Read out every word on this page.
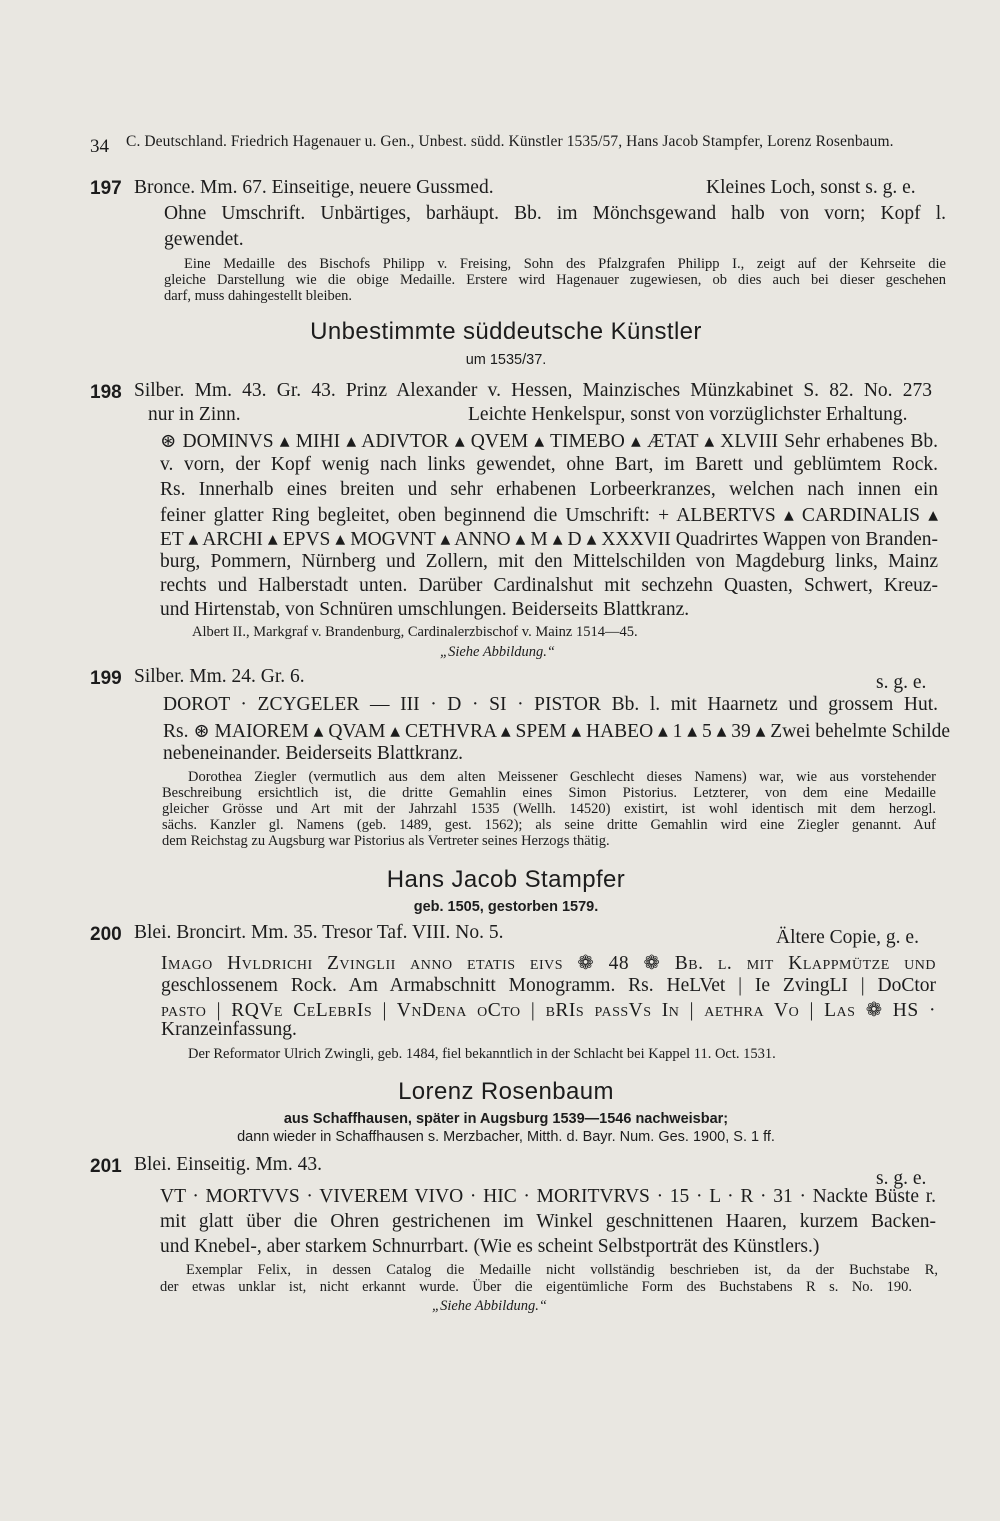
34 C. Deutschland. Friedrich Hagenauer u. Gen., Unbest. südd. Künstler 1535/57, Hans Jacob Stampfer, Lorenz Rosenbaum.
197 Bronce. Mm. 67. Einseitige, neuere Gussmed.	Kleines Loch, sonst s. g. e.
Ohne Umschrift. Unbärtiges, barhäupt. Bb. im Mönchsgewand halb von vorn; Kopf l.
gewendet.
Eine Medaille des Bischofs Philipp v. Freising, Sohn des Pfalzgrafen Philipp I., zeigt auf der Kehrseite die
gleiche Darstellung wie die obige Medaille. Erstere wird Hagenauer zugewiesen, ob dies auch bei dieser geschehen
darf, muss dahingestellt bleiben.
Unbestimmte süddeutsche Künstler
um 1535/37.
198 Silber. Mm. 43. Gr. 43. Prinz Alexander v. Hessen, Mainzisches Münzkabinet S. 82. No. 273
nur in Zinn.	Leichte Henkelspur, sonst von vorzüglichster Erhaltung.
⊛ DOMINVS ▴ MIHI ▴ ADIVTOR ▴ QVEM ▴ TIMEBO ▴ ÆTAT ▴ XLVIII Sehr erhabenes Bb.
v. vorn, der Kopf wenig nach links gewendet, ohne Bart, im Barett und geblümtem Rock.
Rs. Innerhalb eines breiten und sehr erhabenen Lorbeerkranzes, welchen nach innen ein
feiner glatter Ring begleitet, oben beginnend die Umschrift: + ALBERTVS ▴ CARDINALIS ▴
ET ▴ ARCHI ▴ EPVS ▴ MOGVNT ▴ ANNO ▴ M ▴ D ▴ XXXVII Quadrirtes Wappen von Branden-
burg, Pommern, Nürnberg und Zollern, mit den Mittelschilden von Magdeburg links, Mainz
rechts und Halberstadt unten. Darüber Cardinalshut mit sechzehn Quasten, Schwert, Kreuz-
und Hirtenstab, von Schnüren umschlungen. Beiderseits Blattkranz.
Albert II., Markgraf v. Brandenburg, Cardinalerzbischof v. Mainz 1514—45.
„Siehe Abbildung.“
199 Silber. Mm. 24. Gr. 6.	s. g. e.
DOROT · ZCYGELER — III · D · SI · PISTOR Bb. l. mit Haarnetz und grossem Hut.
Rs. ⊛ MAIOREM ▴ QVAM ▴ CETHVRA ▴ SPEM ▴ HABEO ▴ 1 ▴ 5 ▴ 39 ▴ Zwei behelmte Schilde
nebeneinander. Beiderseits Blattkranz.
Dorothea Ziegler (vermutlich aus dem alten Meissener Geschlecht dieses Namens) war, wie aus vorstehender
Beschreibung ersichtlich ist, die dritte Gemahlin eines Simon Pistorius. Letzterer, von dem eine Medaille
gleicher Grösse und Art mit der Jahrzahl 1535 (Wellh. 14520) existirt, ist wohl identisch mit dem herzogl.
sächs. Kanzler gl. Namens (geb. 1489, gest. 1562); als seine dritte Gemahlin wird eine Ziegler genannt. Auf
dem Reichstag zu Augsburg war Pistorius als Vertreter seines Herzogs thätig.
Hans Jacob Stampfer
geb. 1505, gestorben 1579.
200 Blei. Broncirt. Mm. 35. Tresor Taf. VIII. No. 5.	Ältere Copie, g. e.
Imago Hvldrichi Zvinglii anno etatis eivs ❁ 48 ❁ Bb. l. mit Klappmütze und
geschlossenem Rock. Am Armabschnitt Monogramm. Rs. HeLVet | Ie ZvingLI | DoCtor
pasto | RQVe CeLebrIs | VnDena oCto | bRIs passVs In | aethra Vo | Las ❁ HS ·
Kranzeinfassung.
Der Reformator Ulrich Zwingli, geb. 1484, fiel bekanntlich in der Schlacht bei Kappel 11. Oct. 1531.
Lorenz Rosenbaum
aus Schaffhausen, später in Augsburg 1539—1546 nachweisbar;
dann wieder in Schaffhausen s. Merzbacher, Mitth. d. Bayr. Num. Ges. 1900, S. 1 ff.
201 Blei. Einseitig. Mm. 43.
s. g. e.
VT · MORTVVS · VIVEREM VIVO · HIC · MORITVRVS · 15 · L · R · 31 · Nackte Büste r.
mit glatt über die Ohren gestrichenen im Winkel geschnittenen Haaren, kurzem Backen-
und Knebel-, aber starkem Schnurrbart. (Wie es scheint Selbstporträt des Künstlers.)
Exemplar Felix, in dessen Catalog die Medaille nicht vollständig beschrieben ist, da der Buchstabe R,
der etwas unklar ist, nicht erkannt wurde. Über die eigentümliche Form des Buchstabens R s. No. 190.
„Siehe Abbildung.“
